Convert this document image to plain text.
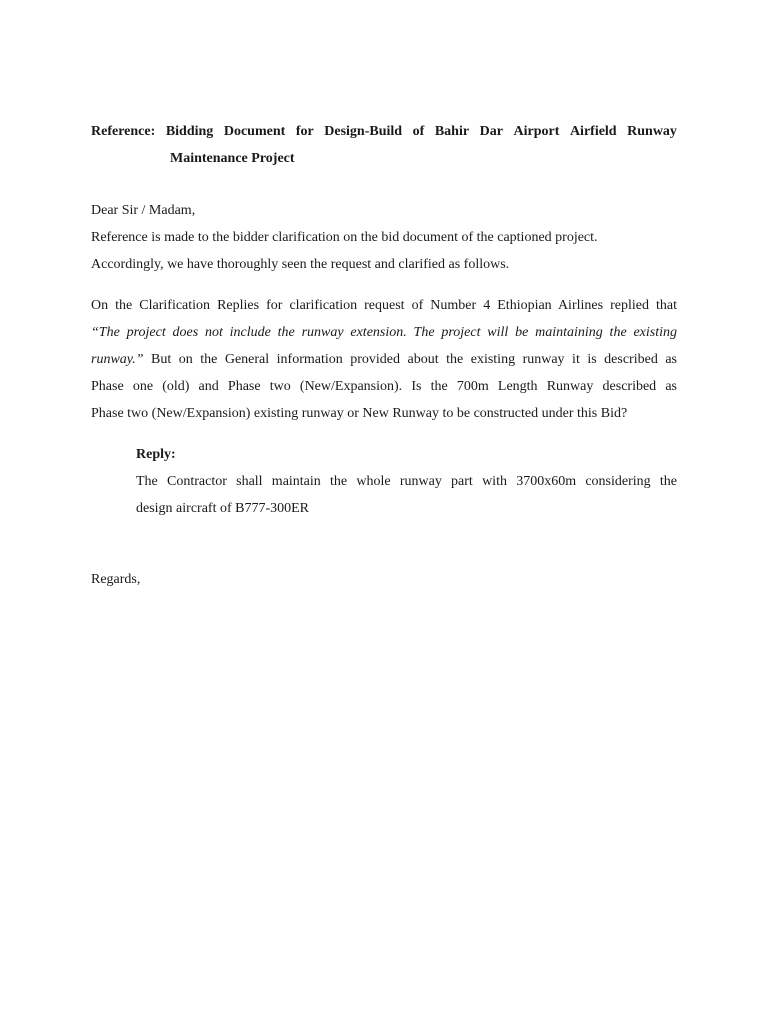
Reference: Bidding Document for Design-Build of Bahir Dar Airport Airfield Runway
Maintenance Project
Dear Sir / Madam,
Reference is made to the bidder clarification on the bid document of the captioned project.
Accordingly, we have thoroughly seen the request and clarified as follows.
On the Clarification Replies for clarification request of Number 4 Ethiopian Airlines replied that
“The project does not include the runway extension. The project will be maintaining the existing
runway.” But on the General information provided about the existing runway it is described as
Phase one (old) and Phase two (New/Expansion). Is the 700m Length Runway described as
Phase two (New/Expansion) existing runway or New Runway to be constructed under this Bid?
Reply:
The Contractor shall maintain the whole runway part with 3700x60m considering the
design aircraft of B777-300ER
Regards,
